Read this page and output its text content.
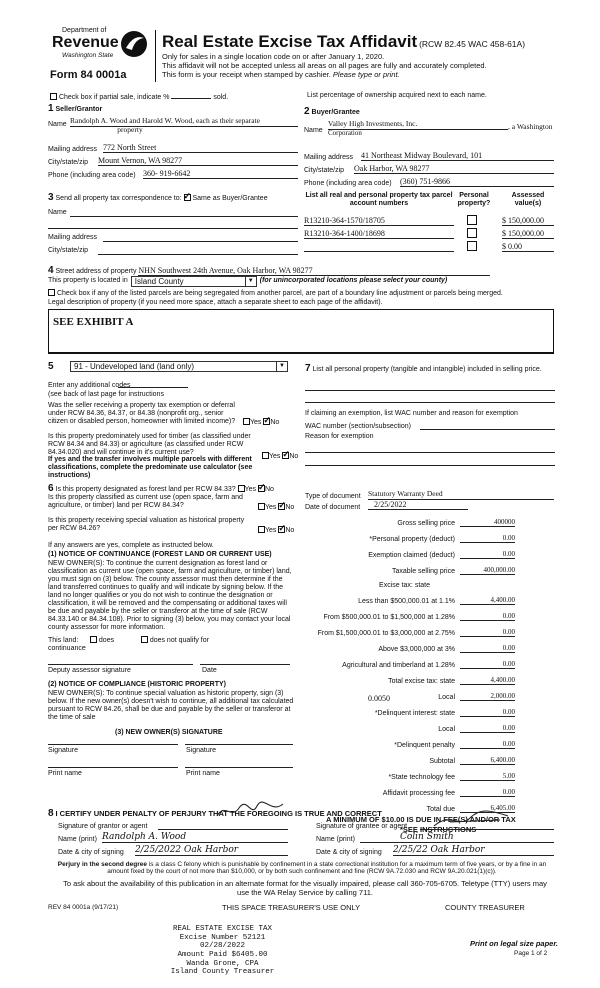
Department of
Revenue
Washington State
Form 84 0001a
Real Estate Excise Tax Affidavit (RCW 82.45 WAC 458-61A)
Only for sales in a single location code on or after January 1, 2020.
This affidavit will not be accepted unless all areas on all pages are fully and accurately completed.
This form is your receipt when stamped by cashier. Please type or print.
Check box if partial sale, indicate %	sold.	List percentage of ownership acquired next to each name.
1 Seller/Grantor
Name Randolph A. Wood and Harold W. Wood, each as their separate
property
Mailing address 772 North Street
City/state/zip Mount Vernon, WA 98277
Phone (including area code) 360- 919-6642
2 Buyer/Grantee
Name
Valley High Investments, Inc.	, a Washington
Corporation
Mailing address 41 Northeast Midway Boulevard, 101
City/state/zip Oak Harbor, WA 98277
Phone (including area code) (360) 751-9866
3 Send all property tax correspondence to: ✓ Same as Buyer/Grantee
Name
Mailing address
City/state/zip
List all real and personal property tax parcel account numbers
Personal property?
Assessed value(s)
R13210-364-1570/18705	$ 150,000.00
R13210-364-1400/18698	$ 150,000.00
$ 0.00
4 Street address of property NHN Southwest 24th Avenue, Oak Harbor, WA 98277
This property is located in Island County	▼ (for unincorporated locations please select your county)
Check box if any of the listed parcels are being segregated from another parcel, are part of a boundary line adjustment or parcels being merged.
Legal description of property (if you need more space, attach a separate sheet to each page of the affidavit).
SEE EXHIBIT A
5	91 - Undeveloped land (land only)	▼
Enter any additional codes
(see back of last page for instructions
Was the seller receiving a property tax exemption or deferral under RCW 84.36, 84.37, or 84.38 (nonprofit org., senior citizen or disabled person, homeowner with limited income)?	Yes ✓ No
Is this property predominately used for timber (as classified under RCW 84.34 and 84.33) or agriculture (as classified under RCW 84.34.020) and will continue in it's current use?
If yes and the transfer involves multiple parcels with different classifications, complete the predominate use calculator (see instructions)
Yes ✓ No
6 Is this property designated as forest land per RCW 84.33? Yes ✓ No
Is this property classified as current use (open space, farm and agriculture, or timber) land per RCW 84.34?	Yes ✓ No
Is this property receiving special valuation as historical property per RCW 84.26?	Yes ✓ No
If any answers are yes, complete as instructed below.
(1) NOTICE OF CONTINUANCE (FOREST LAND OR CURRENT USE)
NEW OWNER(S): To continue the current designation as forest land or classification as current use (open space, farm and agriculture, or timber) land, you must sign on (3) below. The county assessor must then determine if the land transferred continues to qualify and will indicate by signing below. If the land no longer qualifies or you do not wish to continue the designation or classification, it will be removed and the compensating or additional taxes will be due and payable by the seller or transferor at the time of sale (RCW 84.33.140 or 84.34.108). Prior to signing (3) below, you may contact your local county assessor for more information.
This land:	does	does not qualify for
continuance
Deputy assessor signature	Date
(2) NOTICE OF COMPLIANCE (HISTORIC PROPERTY)
NEW OWNER(S): To continue special valuation as historic property, sign (3) below. If the new owner(s) doesn't wish to continue, all additional tax calculated pursuant to RCW 84.26, shall be due and payable by the seller or transferor at the time of sale
(3) NEW OWNER(S) SIGNATURE
Signature	Signature
Print name	Print name
7 List all personal property (tangible and intangible) included in selling price.
If claiming an exemption, list WAC number and reason for exemption
WAC number (section/subsection)
Reason for exemption
Type of document Statutory Warranty Deed
Date of document	2/25/2022
Gross selling price	400000
*Personal property (deduct)	0.00
Exemption claimed (deduct)	0.00
Taxable selling price	400,000.00
Excise tax: state
Less than $500,000.01 at 1.1%	4,400.00
From $500,000.01 to $1,500,000 at 1.28%	0.00
From $1,500,000.01 to $3,000,000 at 2.75%	0.00
Above $3,000,000 at 3%	0.00
Agricultural and timberland at 1.28%	0.00
Total excise tax: state	4,400.00
0.0050	Local	2,000.00
*Delinquent interest: state	0.00
Local	0.00
*Delinquent penalty	0.00
Subtotal	6,400.00
*State technology fee	5.00
Affidavit processing fee	0.00
Total due	6,405.00
A MINIMUM OF $10.00 IS DUE IN FEE(S) AND/OR TAX
*SEE INSTRUCTIONS
8 I CERTIFY UNDER PENALTY OF PERJURY THAT THE FOREGOING IS TRUE AND CORRECT
Signature of grantor or agent
Name (print) Randolph A. Wood
Date & city of signing 2/25/2022 Oak Harbor
Signature of grantee or agent
Name (print)	Colin Smith
Date & city of signing 2/25/22 Oak Harbor
Perjury in the second degree is a class C felony which is punishable by confinement in a state correctional institution for a maximum term of five years, or by a fine in an amount fixed by the court of not more than $10,000, or by both such confinement and fine (RCW 9A.72.030 and RCW 9A.20.021(1)(c)).
To ask about the availability of this publication in an alternate format for the visually impaired, please call 360-705-6705. Teletype (TTY) users may use the WA Relay Service by calling 711.
REV 84 0001a (9/17/21)	THIS SPACE TREASURER'S USE ONLY	COUNTY TREASURER
REAL ESTATE EXCISE TAX
Excise Number 52121
02/28/2022
Amount Paid $6405.00
Wanda Grone, CPA
Island County Treasurer
Print on legal size paper.
Page 1 of 2
